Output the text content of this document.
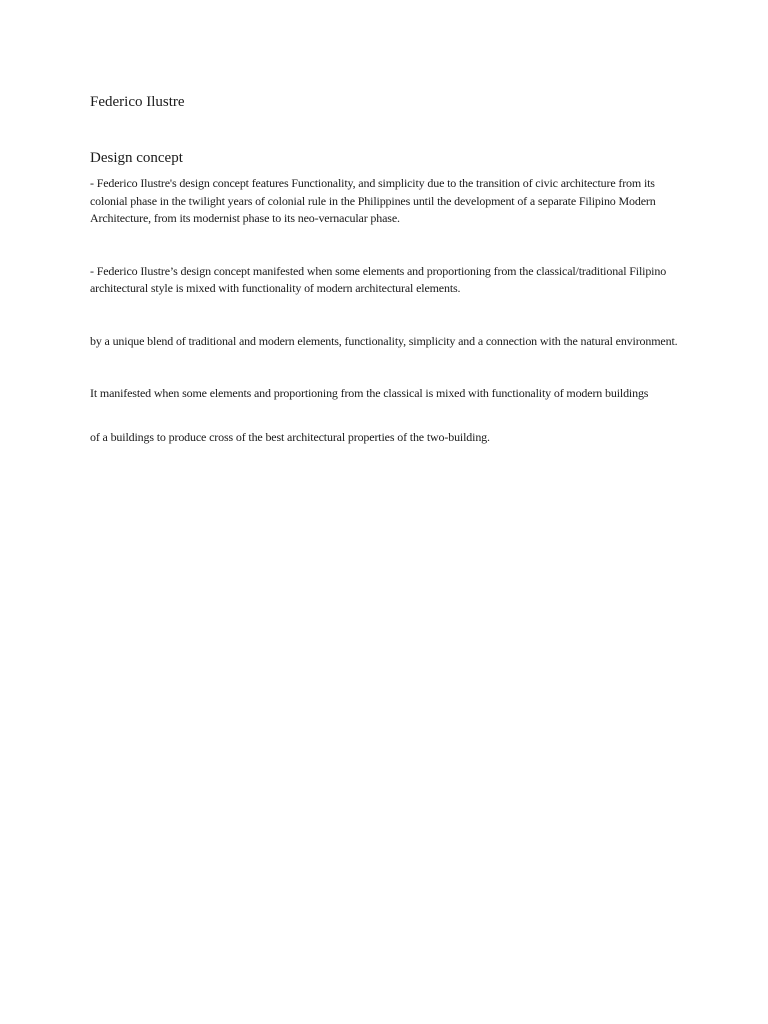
Federico Ilustre
Design concept

- Federico Ilustre's design concept features Functionality, and simplicity due to the transition of civic architecture from its colonial phase in the twilight years of colonial rule in the Philippines until the development of a separate Filipino Modern Architecture, from its modernist phase to its neo-vernacular phase.

- Federico Ilustre’s design concept manifested when some elements and proportioning from the classical/traditional Filipino architectural style is mixed with functionality of modern architectural elements.

by a unique blend of traditional and modern elements, functionality, simplicity and a connection with the natural environment.

It manifested when some elements and proportioning from the classical is mixed with functionality of modern buildings

of a buildings to produce cross of the best architectural properties of the two-building.
